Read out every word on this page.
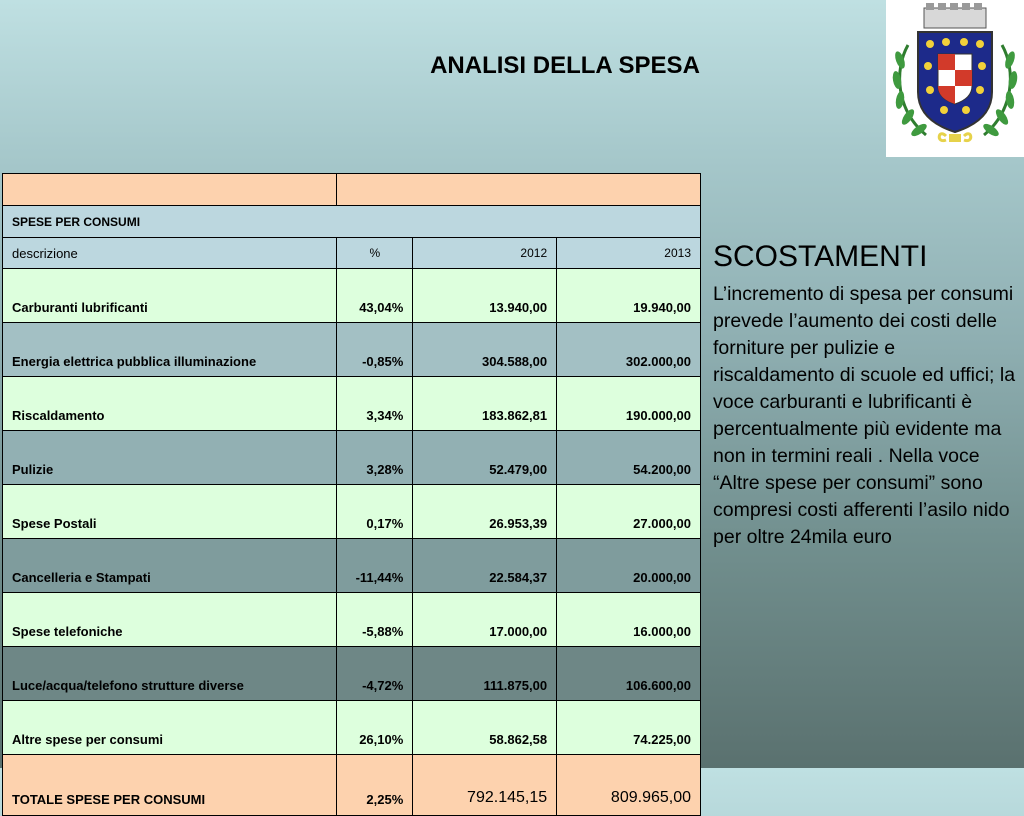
ANALISI DELLA SPESA

SPESE PER CONSUMI			
descrizione	%	2012	2013
Carburanti lubrificanti	43,04%	13.940,00	19.940,00
Energia elettrica pubblica illuminazione	-0,85%	304.588,00	302.000,00
Riscaldamento	3,34%	183.862,81	190.000,00
Pulizie	3,28%	52.479,00	54.200,00
Spese Postali	0,17%	26.953,39	27.000,00
Cancelleria e Stampati	-11,44%	22.584,37	20.000,00
Spese telefoniche	-5,88%	17.000,00	16.000,00
Luce/acqua/telefono strutture diverse	-4,72%	111.875,00	106.600,00
Altre spese per consumi	26,10%	58.862,58	74.225,00
TOTALE SPESE PER CONSUMI	2,25%	792.145,15	809.965,00
SCOSTAMENTI
L’incremento di spesa per consumi prevede l’aumento dei costi delle forniture per pulizie e riscaldamento di scuole ed uffici; la voce carburanti e lubrificanti è percentualmente più evidente ma non in termini reali . Nella voce “Altre spese per consumi” sono compresi costi afferenti l’asilo nido per oltre 24mila euro
